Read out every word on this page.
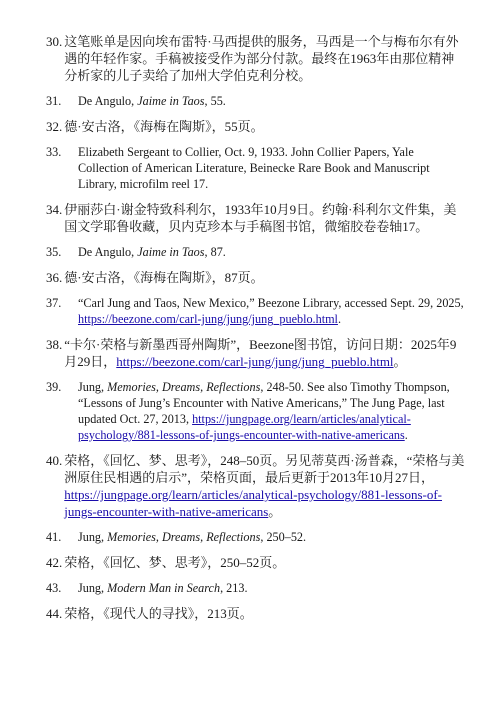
30. 这笔账单是因向埃布雷特·马西提供的服务，马西是一个与梅布尔有外遇的年轻作家。手稿被接受作为部分付款。最终在1963年由那位精神分析家的儿子卖给了加州大学伯克利分校。
31.	De Angulo, Jaime in Taos, 55.
32. 德·安古洛，《海梅在陶斯》，55页。
33.	Elizabeth Sergeant to Collier, Oct. 9, 1933. John Collier Papers, Yale Collection of American Literature, Beinecke Rare Book and Manuscript Library, microfilm reel 17.
34. 伊丽莎白·谢金特致科利尔，1933年10月9日。约翰·科利尔文件集，美国文学耶鲁收藏，贝内克珍本与手稿图书馆，微缩胶卷卷轴17。
35.	De Angulo, Jaime in Taos, 87.
36. 德·安古洛，《海梅在陶斯》，87页。
37.	“Carl Jung and Taos, New Mexico,” Beezone Library, accessed Sept. 29, 2025, https://beezone.com/carl-jung/jung/jung_pueblo.html.
38. “卡尔·荣格与新墨西哥州陶斯”，Beezone图书馆，访问日期：2025年9月29日，https://beezone.com/carl-jung/jung/jung_pueblo.html。
39.	Jung, Memories, Dreams, Reflections, 248-50. See also Timothy Thompson, “Lessons of Jung’s Encounter with Native Americans,” The Jung Page, last updated Oct. 27, 2013, https://jungpage.org/learn/articles/analytical-psychology/881-lessons-of-jungs-encounter-with-native-americans.
40. 荣格，《回忆、梦、思考》，248–50页。另见蒂莫西·汤普森，“荣格与美洲原住民相遇的启示”，荣格页面，最后更新于2013年10月27日，https://jungpage.org/learn/articles/analytical-psychology/881-lessons-of-jungs-encounter-with-native-americans。
41.	Jung, Memories, Dreams, Reflections, 250–52.
42. 荣格，《回忆、梦、思考》，250–52页。
43.	Jung, Modern Man in Search, 213.
44. 荣格，《现代人的寻找》，213页。
